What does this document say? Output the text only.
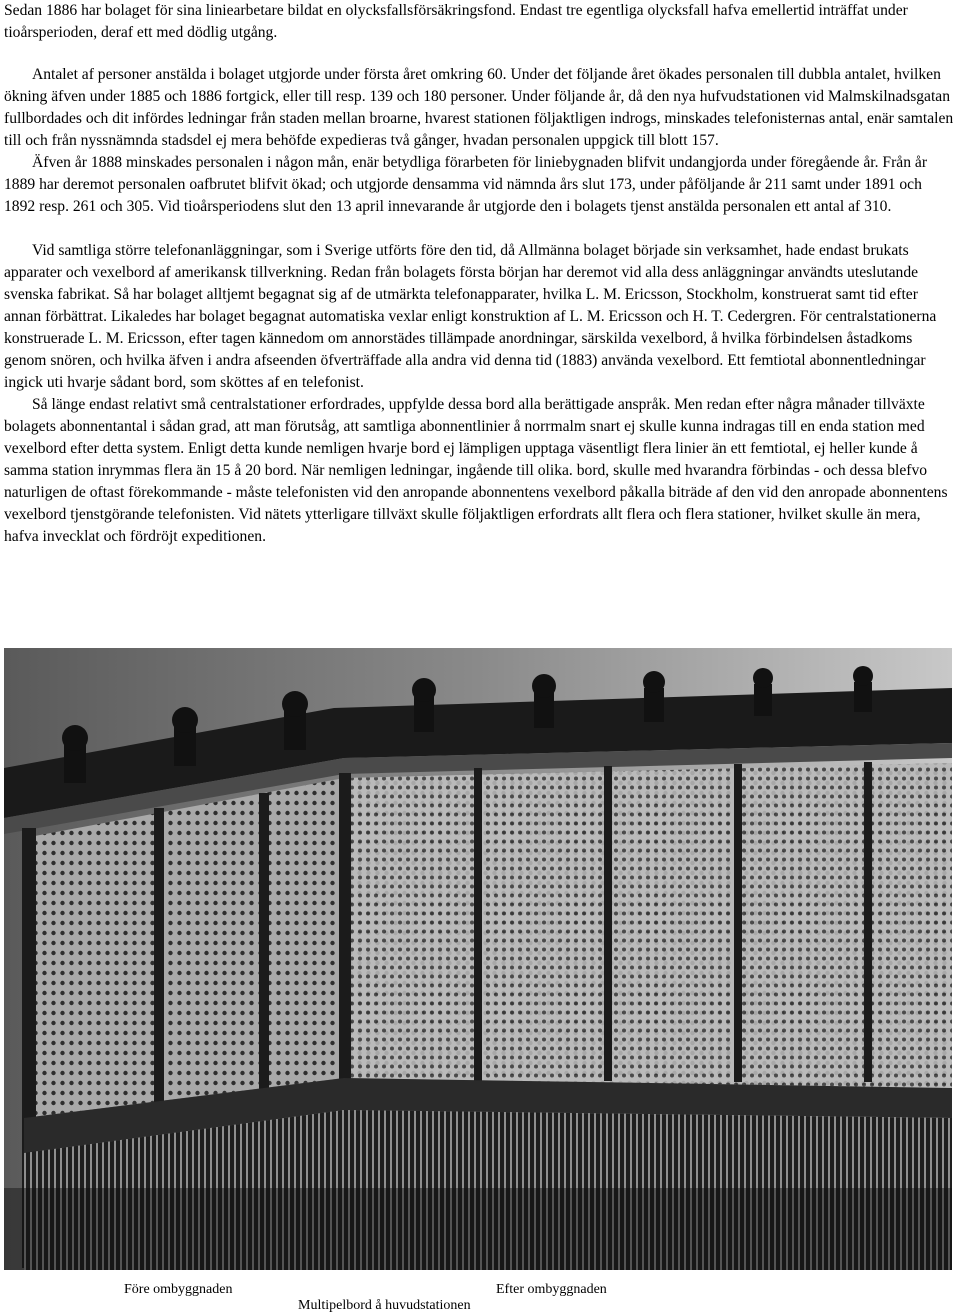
Sedan 1886 har bolaget för sina liniearbetare bildat en olycksfallsförsäkringsfond. Endast tre egentliga olycksfall hafva emellertid inträffat under tioårsperioden, deraf ett med dödlig utgång.

Antalet af personer anstälda i bolaget utgjorde under första året omkring 60. Under det följande året ökades personalen till dubbla antalet, hvilken ökning äfven under 1885 och 1886 fortgick, eller till resp. 139 och 180 personer. Under följande år, då den nya hufvudstationen vid Malmskilnadsgatan fullbordades och dit infördes ledningar från staden mellan broarne, hvarest stationen följaktligen indrogs, minskades telefonisternas antal, enär samtalen till och från nyssnämnda stadsdel ej mera behöfde expedieras två gånger, hvadan personalen uppgick till blott 157.

Äfven år 1888 minskades personalen i någon mån, enär betydliga förarbeten för liniebygnaden blifvit undangjorda under föregående år. Från år 1889 har deremot personalen oafbrutet blifvit ökad; och utgjorde densamma vid nämnda års slut 173, under påföljande år 211 samt under 1891 och 1892 resp. 261 och 305. Vid tioårsperiodens slut den 13 april innevarande år utgjorde den i bolagets tjenst anstälda personalen ett antal af 310.

Vid samtliga större telefonanläggningar, som i Sverige utförts före den tid, då Allmänna bolaget började sin verksamhet, hade endast brukats apparater och vexelbord af amerikansk tillverkning. Redan från bolagets första början har deremot vid alla dess anläggningar användts uteslutande svenska fabrikat. Så har bolaget alltjemt begagnat sig af de utmärkta telefonapparater, hvilka L. M. Ericsson, Stockholm, konstruerat samt tid efter annan förbättrat. Likaledes har bolaget begagnat automatiska vexlar enligt konstruktion af L. M. Ericsson och H. T. Cedergren. För centralstationerna konstruerade L. M. Ericsson, efter tagen kännedom om annorstädes tillämpade anordningar, särskilda vexelbord, å hvilka förbindelsen åstadkoms genom snören, och hvilka äfven i andra afseenden öfverträffade alla andra vid denna tid (1883) använda vexelbord. Ett femtiotal abonnentledningar ingick uti hvarje sådant bord, som sköttes af en telefonist.

Så länge endast relativt små centralstationer erfordrades, uppfylde dessa bord alla berättigade anspråk. Men redan efter några månader tillväxte bolagets abonnentantal i sådan grad, att man förutsåg, att samtliga abonnentlinier å norrmalm snart ej skulle kunna indragas till en enda station med vexelbord efter detta system. Enligt detta kunde nemligen hvarje bord ej lämpligen upptaga väsentligt flera linier än ett femtiotal, ej heller kunde å samma station inrymmas flera än 15 å 20 bord. När nemligen ledningar, ingående till olika. bord, skulle med hvarandra förbindas - och dessa blefvo naturligen de oftast förekommande - måste telefonisten vid den anropande abonnentens vexelbord påkalla biträde af den vid den anropade abonnentens vexelbord tjenstgörande telefonisten. Vid nätets ytterligare tillväxt skulle följaktligen erfordrats allt flera och flera stationer, hvilket skulle än mera, hafva invecklat och fördröjt expeditionen.

Före ombyggnaden	Efter ombyggnaden
Multipelbord å huvudstationen
